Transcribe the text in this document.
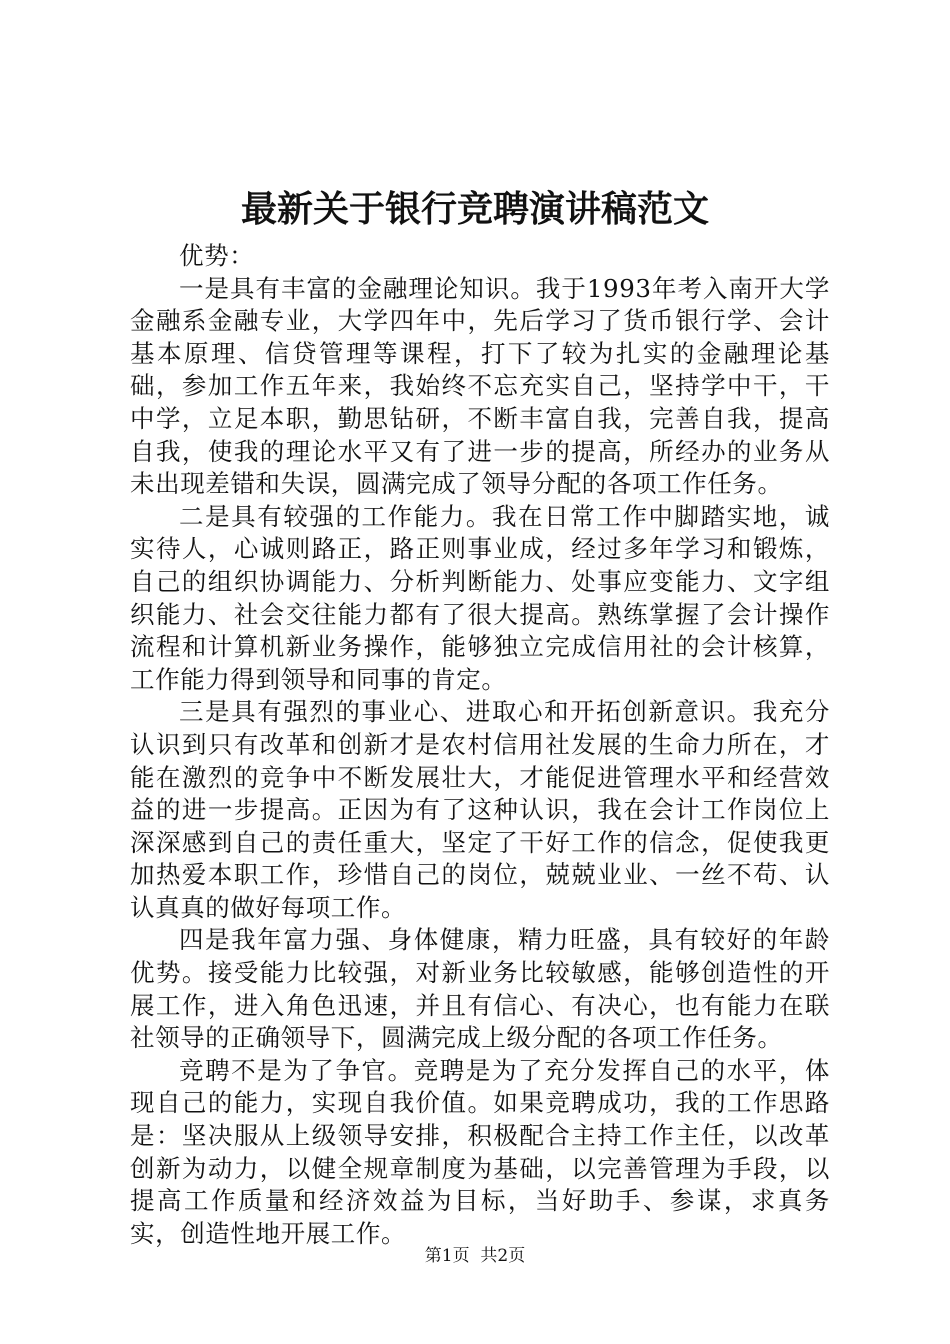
最新关于银行竞聘演讲稿范文

优势：

一是具有丰富的金融理论知识。我于1993年考入南开大学金融系金融专业，大学四年中，先后学习了货币银行学、会计基本原理、信贷管理等课程，打下了较为扎实的金融理论基础，参加工作五年来，我始终不忘充实自己，坚持学中干，干中学，立足本职，勤思钻研，不断丰富自我，完善自我，提高自我，使我的理论水平又有了进一步的提高，所经办的业务从未出现差错和失误，圆满完成了领导分配的各项工作任务。

二是具有较强的工作能力。我在日常工作中脚踏实地，诚实待人，心诚则路正，路正则事业成，经过多年学习和锻炼，自己的组织协调能力、分析判断能力、处事应变能力、文字组织能力、社会交往能力都有了很大提高。熟练掌握了会计操作流程和计算机新业务操作，能够独立完成信用社的会计核算，工作能力得到领导和同事的肯定。

三是具有强烈的事业心、进取心和开拓创新意识。我充分认识到只有改革和创新才是农村信用社发展的生命力所在，才能在激烈的竞争中不断发展壮大，才能促进管理水平和经营效益的进一步提高。正因为有了这种认识，我在会计工作岗位上深深感到自己的责任重大，坚定了干好工作的信念，促使我更加热爱本职工作，珍惜自己的岗位，兢兢业业、一丝不苟、认认真真的做好每项工作。

四是我年富力强、身体健康，精力旺盛，具有较好的年龄优势。接受能力比较强，对新业务比较敏感，能够创造性的开展工作，进入角色迅速，并且有信心、有决心，也有能力在联社领导的正确领导下，圆满完成上级分配的各项工作任务。

竞聘不是为了争官。竞聘是为了充分发挥自己的水平，体现自己的能力，实现自我价值。如果竞聘成功，我的工作思路是：坚决服从上级领导安排，积极配合主持工作主任，以改革创新为动力，以健全规章制度为基础，以完善管理为手段，以提高工作质量和经济效益为目标，当好助手、参谋，求真务实，创造性地开展工作。

第1页 共2页
